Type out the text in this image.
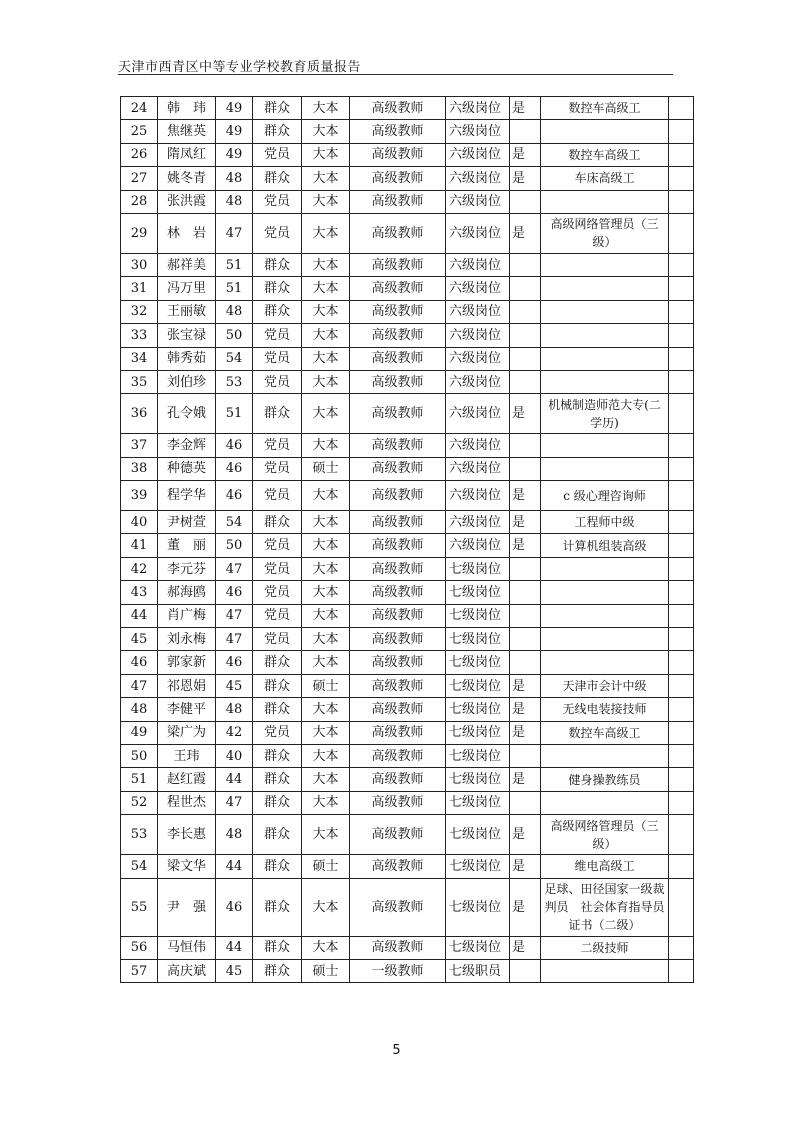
天津市西青区中等专业学校教育质量报告
24	韩　玮	49	群众	大本	高级教师	六级岗位	是	数控车高级工	
25	焦继英	49	群众	大本	高级教师	六级岗位			
26	隋凤红	49	党员	大本	高级教师	六级岗位	是	数控车高级工	
27	姚冬青	48	群众	大本	高级教师	六级岗位	是	车床高级工	
28	张洪霞	48	党员	大本	高级教师	六级岗位			
29	林　岩	47	党员	大本	高级教师	六级岗位	是	高级网络管理员（三级）	
30	郝祥美	51	群众	大本	高级教师	六级岗位			
31	冯万里	51	群众	大本	高级教师	六级岗位			
32	王丽敏	48	群众	大本	高级教师	六级岗位			
33	张宝禄	50	党员	大本	高级教师	六级岗位			
34	韩秀茹	54	党员	大本	高级教师	六级岗位			
35	刘伯珍	53	党员	大本	高级教师	六级岗位			
36	孔令娥	51	群众	大本	高级教师	六级岗位	是	机械制造师范大专(二学历)	
37	李金辉	46	党员	大本	高级教师	六级岗位			
38	种德英	46	党员	硕士	高级教师	六级岗位			
39	程学华	46	党员	大本	高级教师	六级岗位	是	c 级心理咨询师	
40	尹树萱	54	群众	大本	高级教师	六级岗位	是	工程师中级	
41	董　丽	50	党员	大本	高级教师	六级岗位	是	计算机组装高级	
42	李元芬	47	党员	大本	高级教师	七级岗位			
43	郝海鸥	46	党员	大本	高级教师	七级岗位			
44	肖广梅	47	党员	大本	高级教师	七级岗位			
45	刘永梅	47	党员	大本	高级教师	七级岗位			
46	郭家新	46	群众	大本	高级教师	七级岗位			
47	祁恩娟	45	群众	硕士	高级教师	七级岗位	是	天津市会计中级	
48	李健平	48	群众	大本	高级教师	七级岗位	是	无线电装接技师	
49	梁广为	42	党员	大本	高级教师	七级岗位	是	数控车高级工	
50	王玮	40	群众	大本	高级教师	七级岗位			
51	赵红霞	44	群众	大本	高级教师	七级岗位	是	健身操教练员	
52	程世杰	47	群众	大本	高级教师	七级岗位			
53	李长惠	48	群众	大本	高级教师	七级岗位	是	高级网络管理员（三级）	
54	梁文华	44	群众	硕士	高级教师	七级岗位	是	维电高级工	
55	尹　强	46	群众	大本	高级教师	七级岗位	是	足球、田径国家一级裁判员　社会体育指导员证书（二级）	
56	马恒伟	44	群众	大本	高级教师	七级岗位	是	二级技师	
57	高庆斌	45	群众	硕士	一级教师	七级职员			
5
